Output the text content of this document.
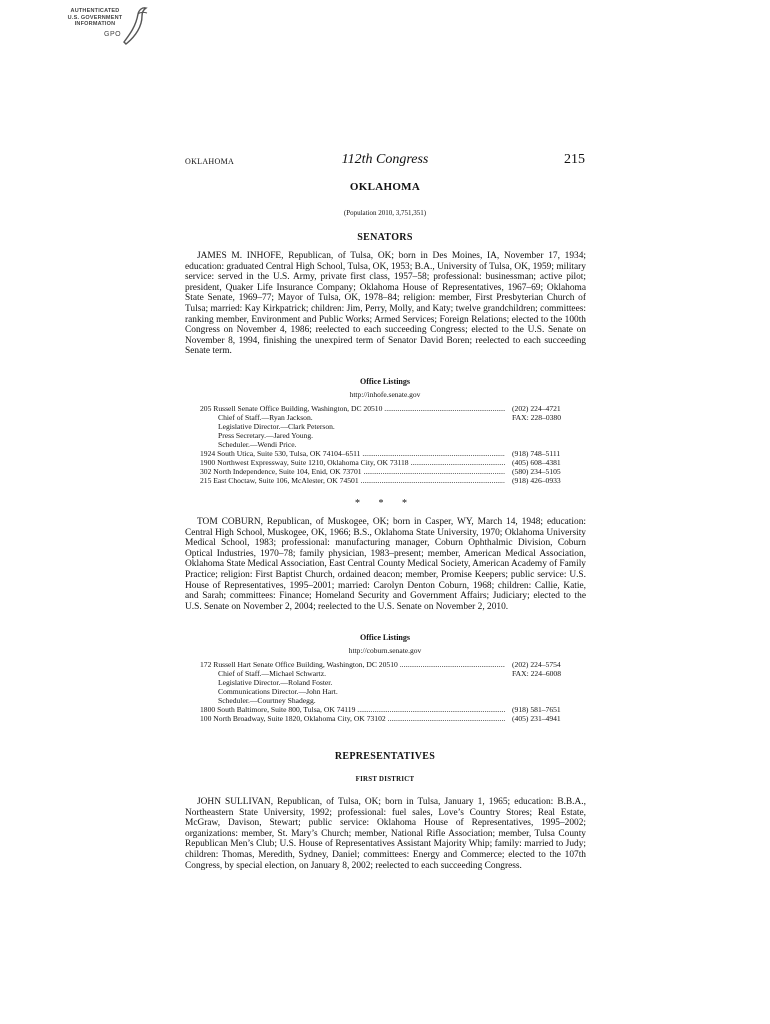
AUTHENTICATED
U.S. GOVERNMENT
INFORMATION
GPO
OKLAHOMA	112th Congress	215
OKLAHOMA
(Population 2010, 3,751,351)
SENATORS
JAMES M. INHOFE, Republican, of Tulsa, OK; born in Des Moines, IA, November 17, 1934; education: graduated Central High School, Tulsa, OK, 1953; B.A., University of Tulsa, OK, 1959; military service: served in the U.S. Army, private first class, 1957–58; professional: businessman; active pilot; president, Quaker Life Insurance Company; Oklahoma House of Representatives, 1967–69; Oklahoma State Senate, 1969–77; Mayor of Tulsa, OK, 1978–84; religion: member, First Presbyterian Church of Tulsa; married: Kay Kirkpatrick; children: Jim, Perry, Molly, and Katy; twelve grandchildren; committees: ranking member, Environment and Public Works; Armed Services; Foreign Relations; elected to the 100th Congress on November 4, 1986; reelected to each succeeding Congress; elected to the U.S. Senate on November 8, 1994, finishing the unexpired term of Senator David Boren; reelected to each succeeding Senate term.
Office Listings
http://inhofe.senate.gov
205 Russell Senate Office Building, Washington, DC 20510 .....	(202) 224–4721
Chief of Staff.—Ryan Jackson.	FAX: 228–0380
Legislative Director.—Clark Peterson.
Press Secretary.—Jared Young.
Scheduler.—Wendi Price.
1924 South Utica, Suite 530, Tulsa, OK 74104–6511 .....	(918) 748–5111
1900 Northwest Expressway, Suite 1210, Oklahoma City, OK 73118 .....	(405) 608–4381
302 North Independence, Suite 104, Enid, OK 73701 .....	(580) 234–5105
215 East Choctaw, Suite 106, McAlester, OK 74501 .....	(918) 426–0933
* * *
TOM COBURN, Republican, of Muskogee, OK; born in Casper, WY, March 14, 1948; education: Central High School, Muskogee, OK, 1966; B.S., Oklahoma State University, 1970; Oklahoma University Medical School, 1983; professional: manufacturing manager, Coburn Ophthalmic Division, Coburn Optical Industries, 1970–78; family physician, 1983–present; member, American Medical Association, Oklahoma State Medical Association, East Central County Medical Society, American Academy of Family Practice; religion: First Baptist Church, ordained deacon; member, Promise Keepers; public service: U.S. House of Representatives, 1995–2001; married: Carolyn Denton Coburn, 1968; children: Callie, Katie, and Sarah; committees: Finance; Homeland Security and Government Affairs; Judiciary; elected to the U.S. Senate on November 2, 2004; reelected to the U.S. Senate on November 2, 2010.
Office Listings
http://coburn.senate.gov
172 Russell Hart Senate Office Building, Washington, DC 20510 .....	(202) 224–5754
Chief of Staff.—Michael Schwartz.	FAX: 224–6008
Legislative Director.—Roland Foster.
Communications Director.—John Hart.
Scheduler.—Courtney Shadegg.
1800 South Baltimore, Suite 800, Tulsa, OK 74119 .....	(918) 581–7651
100 North Broadway, Suite 1820, Oklahoma City, OK 73102 .....	(405) 231–4941
REPRESENTATIVES
FIRST DISTRICT
JOHN SULLIVAN, Republican, of Tulsa, OK; born in Tulsa, January 1, 1965; education: B.B.A., Northeastern State University, 1992; professional: fuel sales, Love’s Country Stores; Real Estate, McGraw, Davison, Stewart; public service: Oklahoma House of Representatives, 1995–2002; organizations: member, St. Mary’s Church; member, National Rifle Association; member, Tulsa County Republican Men’s Club; U.S. House of Representatives Assistant Majority Whip; family: married to Judy; children: Thomas, Meredith, Sydney, Daniel; committees: Energy and Commerce; elected to the 107th Congress, by special election, on January 8, 2002; reelected to each succeeding Congress.
